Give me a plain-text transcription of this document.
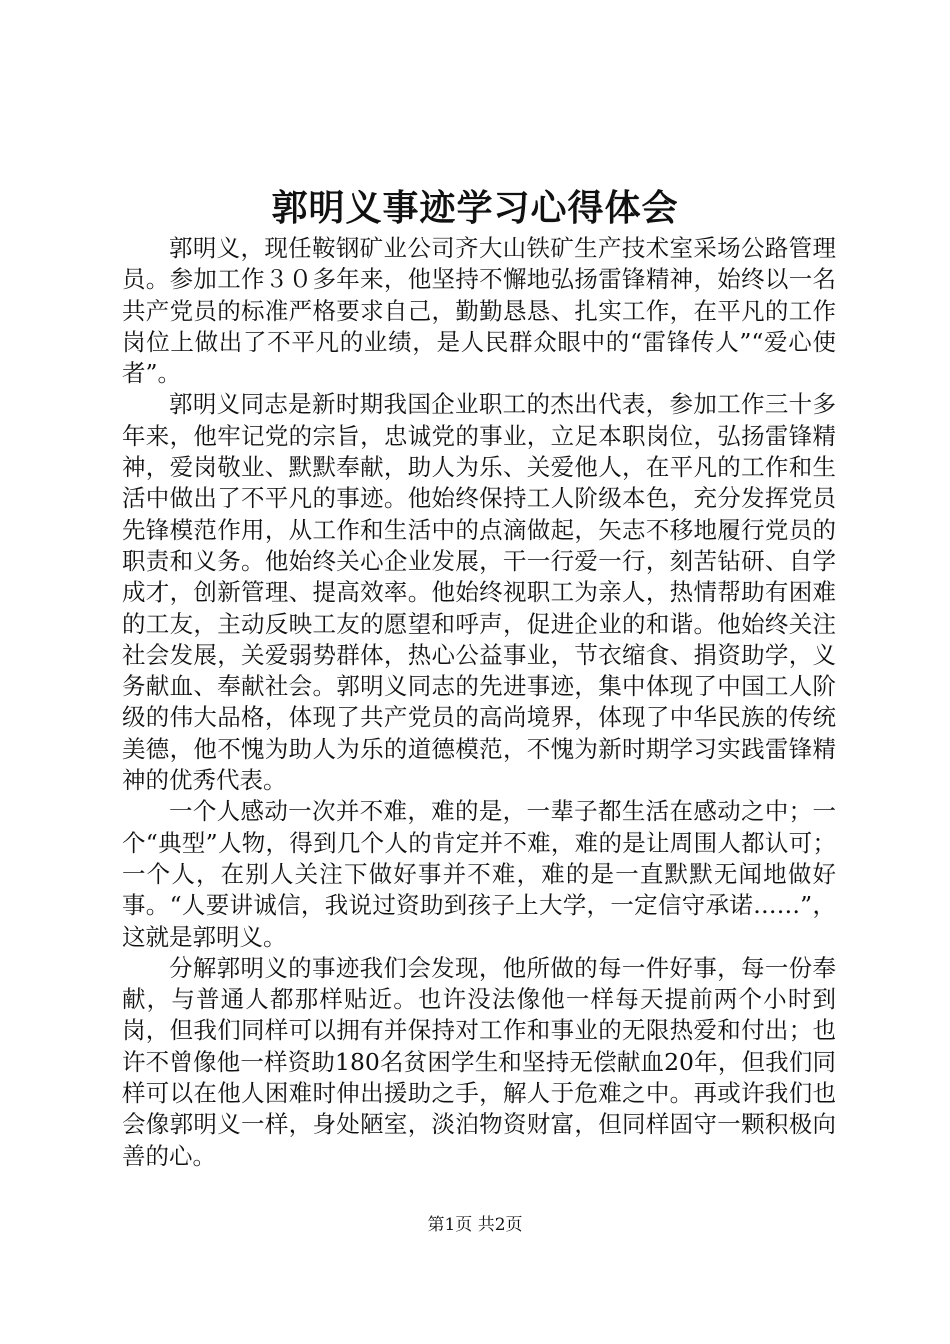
郭明义事迹学习心得体会

郭明义，现任鞍钢矿业公司齐大山铁矿生产技术室采场公路管理员。参加工作３０多年来，他坚持不懈地弘扬雷锋精神，始终以一名共产党员的标准严格要求自己，勤勤恳恳、扎实工作，在平凡的工作岗位上做出了不平凡的业绩，是人民群众眼中的“雷锋传人”“爱心使者”。

郭明义同志是新时期我国企业职工的杰出代表，参加工作三十多年来，他牢记党的宗旨，忠诚党的事业，立足本职岗位，弘扬雷锋精神，爱岗敬业、默默奉献，助人为乐、关爱他人，在平凡的工作和生活中做出了不平凡的事迹。他始终保持工人阶级本色，充分发挥党员先锋模范作用，从工作和生活中的点滴做起，矢志不移地履行党员的职责和义务。他始终关心企业发展，干一行爱一行，刻苦钻研、自学成才，创新管理、提高效率。他始终视职工为亲人，热情帮助有困难的工友，主动反映工友的愿望和呼声，促进企业的和谐。他始终关注社会发展，关爱弱势群体，热心公益事业，节衣缩食、捐资助学，义务献血、奉献社会。郭明义同志的先进事迹，集中体现了中国工人阶级的伟大品格，体现了共产党员的高尚境界，体现了中华民族的传统美德，他不愧为助人为乐的道德模范，不愧为新时期学习实践雷锋精神的优秀代表。

一个人感动一次并不难，难的是，一辈子都生活在感动之中；一个“典型”人物，得到几个人的肯定并不难，难的是让周围人都认可；一个人，在别人关注下做好事并不难，难的是一直默默无闻地做好事。“人要讲诚信，我说过资助到孩子上大学，一定信守承诺……”，这就是郭明义。

分解郭明义的事迹我们会发现，他所做的每一件好事，每一份奉献，与普通人都那样贴近。也许没法像他一样每天提前两个小时到岗，但我们同样可以拥有并保持对工作和事业的无限热爱和付出；也许不曾像他一样资助180名贫困学生和坚持无偿献血20年，但我们同样可以在他人困难时伸出援助之手，解人于危难之中。再或许我们也会像郭明义一样，身处陋室，淡泊物资财富，但同样固守一颗积极向善的心。

第1页 共2页
